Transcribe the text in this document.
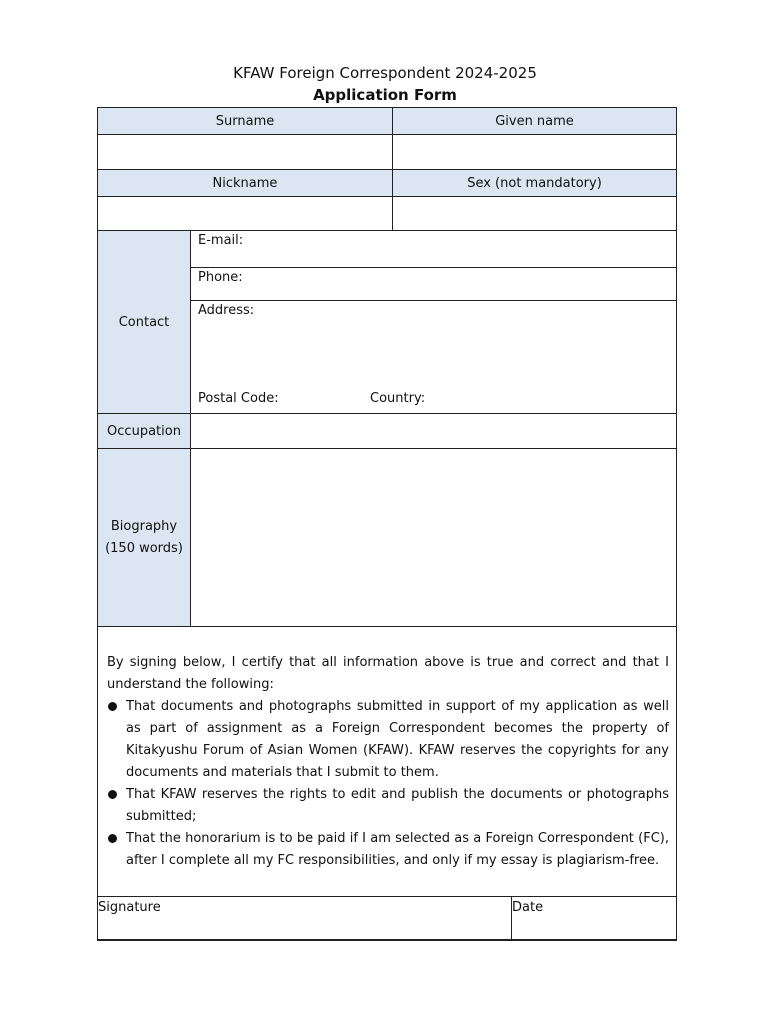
KFAW Foreign Correspondent 2024-2025
Application Form
Surname	Given name
Nickname	Sex (not mandatory)
Contact
E-mail:
Phone:
Address:
Postal Code:	Country:
Occupation
Biography
(150 words)

By signing below, I certify that all information above is true and correct and that I understand the following:

That documents and photographs submitted in support of my application as well as part of assignment as a Foreign Correspondent becomes the property of Kitakyushu Forum of Asian Women (KFAW). KFAW reserves the copyrights for any documents and materials that I submit to them.
That KFAW reserves the rights to edit and publish the documents or photographs submitted;
That the honorarium is to be paid if I am selected as a Foreign Correspondent (FC), after I complete all my FC responsibilities, and only if my essay is plagiarism-free.
Signature	Date
